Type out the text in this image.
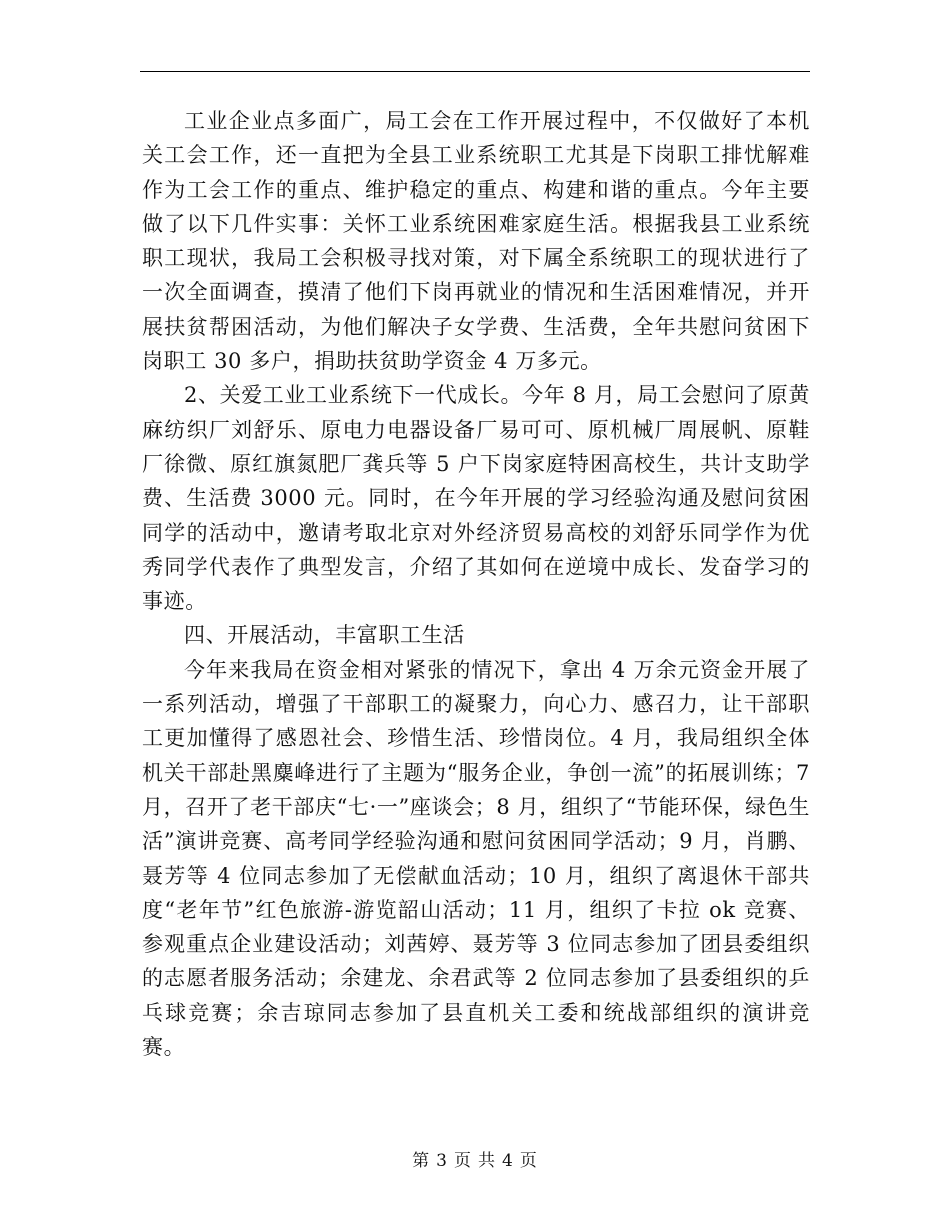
工业企业点多面广，局工会在工作开展过程中，不仅做好了本机关工会工作，还一直把为全县工业系统职工尤其是下岗职工排忧解难作为工会工作的重点、维护稳定的重点、构建和谐的重点。今年主要做了以下几件实事：关怀工业系统困难家庭生活。根据我县工业系统职工现状，我局工会积极寻找对策，对下属全系统职工的现状进行了一次全面调查，摸清了他们下岗再就业的情况和生活困难情况，并开展扶贫帮困活动，为他们解决子女学费、生活费，全年共慰问贫困下岗职工 30 多户，捐助扶贫助学资金 4 万多元。

2、关爱工业工业系统下一代成长。今年 8 月，局工会慰问了原黄麻纺织厂刘舒乐、原电力电器设备厂易可可、原机械厂周展帆、原鞋厂徐微、原红旗氮肥厂龚兵等 5 户下岗家庭特困高校生，共计支助学费、生活费 3000 元。同时，在今年开展的学习经验沟通及慰问贫困同学的活动中，邀请考取北京对外经济贸易高校的刘舒乐同学作为优秀同学代表作了典型发言，介绍了其如何在逆境中成长、发奋学习的事迹。

四、开展活动，丰富职工生活

今年来我局在资金相对紧张的情况下，拿出 4 万余元资金开展了一系列活动，增强了干部职工的凝聚力，向心力、感召力，让干部职工更加懂得了感恩社会、珍惜生活、珍惜岗位。4 月，我局组织全体机关干部赴黑麋峰进行了主题为“服务企业，争创一流”的拓展训练；7 月，召开了老干部庆“七·一”座谈会；8 月，组织了“节能环保，绿色生活”演讲竞赛、高考同学经验沟通和慰问贫困同学活动；9 月，肖鹏、聂芳等 4 位同志参加了无偿献血活动；10 月，组织了离退休干部共度“老年节”红色旅游-游览韶山活动；11 月，组织了卡拉 ok 竞赛、参观重点企业建设活动；刘茜婷、聂芳等 3 位同志参加了团县委组织的志愿者服务活动；余建龙、余君武等 2 位同志参加了县委组织的乒乓球竞赛；余吉琼同志参加了县直机关工委和统战部组织的演讲竞赛。

第 3 页 共 4 页
